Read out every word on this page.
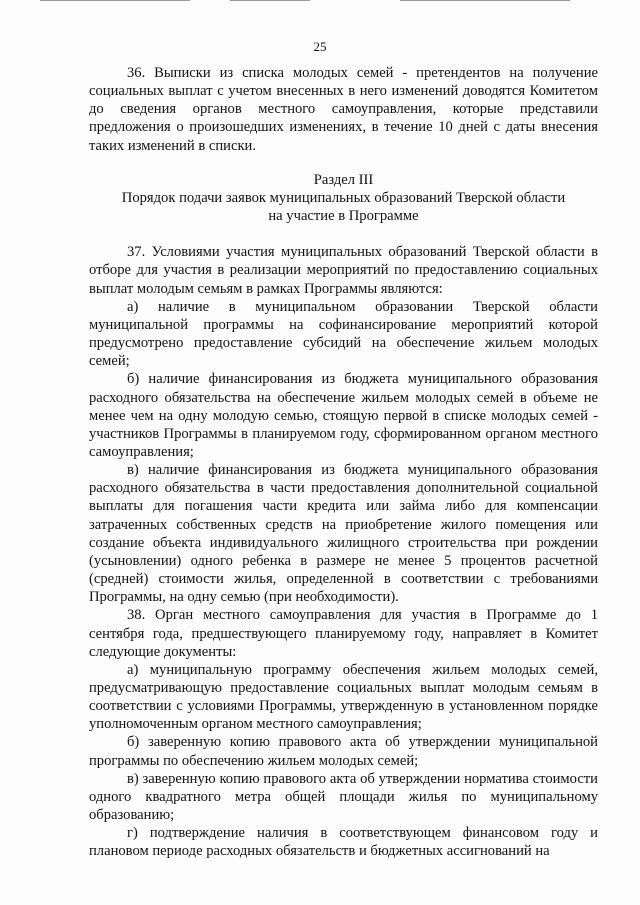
25

36. Выписки из списка молодых семей - претендентов на получение социальных выплат с учетом внесенных в него изменений доводятся Комитетом до сведения органов местного самоуправления, которые представили предложения о произошедших изменениях, в течение 10 дней с даты внесения таких изменений в списки.

Раздел III

Порядок подачи заявок муниципальных образований Тверской области

на участие в Программе

37. Условиями участия муниципальных образований Тверской области в отборе для участия в реализации мероприятий по предоставлению социальных выплат молодым семьям в рамках Программы являются:

а) наличие в муниципальном образовании Тверской области муниципальной программы на софинансирование мероприятий которой предусмотрено предоставление субсидий на обеспечение жильем молодых семей;

б) наличие финансирования из бюджета муниципального образования расходного обязательства на обеспечение жильем молодых семей в объеме не менее чем на одну молодую семью, стоящую первой в списке молодых семей - участников Программы в планируемом году, сформированном органом местного самоуправления;

в) наличие финансирования из бюджета муниципального образования расходного обязательства в части предоставления дополнительной социальной выплаты для погашения части кредита или займа либо для компенсации затраченных собственных средств на приобретение жилого помещения или создание объекта индивидуального жилищного строительства при рождении (усыновлении) одного ребенка в размере не менее 5 процентов расчетной (средней) стоимости жилья, определенной в соответствии с требованиями Программы, на одну семью (при необходимости).

38. Орган местного самоуправления для участия в Программе до 1 сентября года, предшествующего планируемому году, направляет в Комитет следующие документы:

а) муниципальную программу обеспечения жильем молодых семей, предусматривающую предоставление социальных выплат молодым семьям в соответствии с условиями Программы, утвержденную в установленном порядке уполномоченным органом местного самоуправления;

б) заверенную копию правового акта об утверждении муниципальной программы по обеспечению жильем молодых семей;

в) заверенную копию правового акта об утверждении норматива стоимости одного квадратного метра общей площади жилья по муниципальному образованию;

г) подтверждение наличия в соответствующем финансовом году и плановом периоде расходных обязательств и бюджетных ассигнований на
